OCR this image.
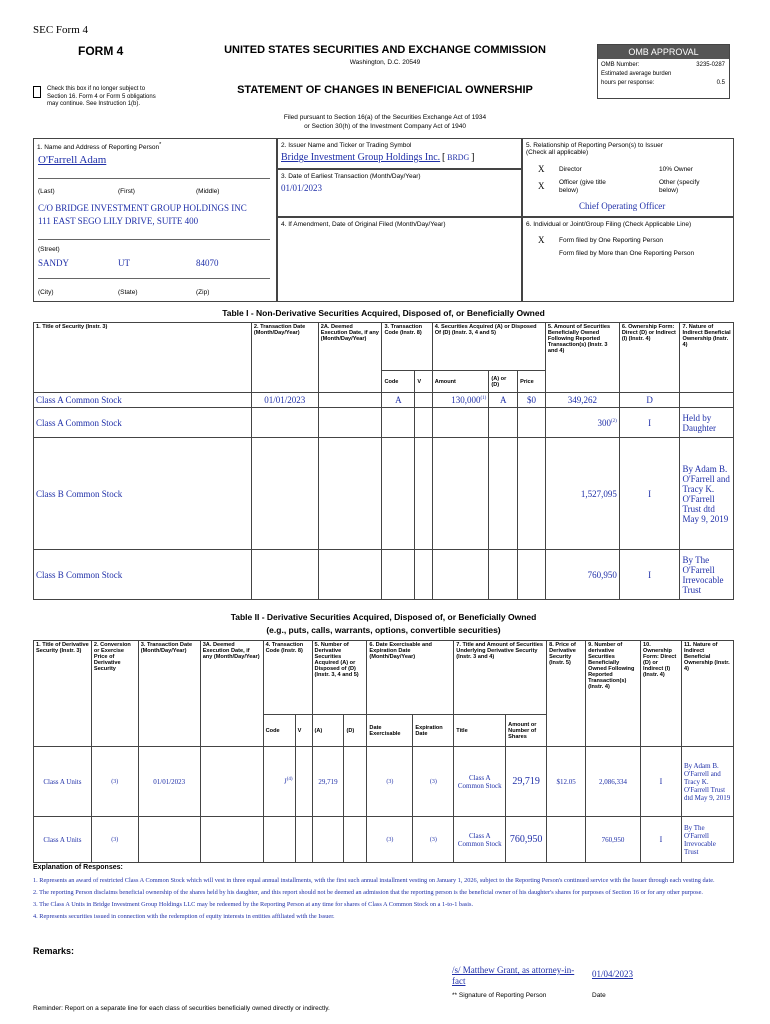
SEC Form 4
FORM 4
Check this box if no longer subject to
Section 16. Form 4 or Form 5 obligations
may continue. See Instruction 1(b).
UNITED STATES SECURITIES AND EXCHANGE COMMISSION
Washington, D.C. 20549
STATEMENT OF CHANGES IN BENEFICIAL OWNERSHIP
Filed pursuant to Section 16(a) of the Securities Exchange Act of 1934
or Section 30(h) of the Investment Company Act of 1940
OMB APPROVAL
OMB Number:	3235-0287
Estimated average burden
hours per response:	0.5
1. Name and Address of Reporting Person*
O'Farrell Adam
(Last)	(First)	(Middle)
C/O BRIDGE INVESTMENT GROUP HOLDINGS INC
111 EAST SEGO LILY DRIVE, SUITE 400
(Street)
SANDY	UT	84070
(City)	(State)	(Zip)
2. Issuer Name and Ticker or Trading Symbol
Bridge Investment Group Holdings Inc. [ BRDG ]
3. Date of Earliest Transaction (Month/Day/Year)
01/01/2023
4. If Amendment, Date of Original Filed (Month/Day/Year)
5. Relationship of Reporting Person(s) to Issuer
(Check all applicable)
X Director	10% Owner
X Officer (give title
below)
Other (specify
below)
Chief Operating Officer
6. Individual or Joint/Group Filing (Check Applicable Line)
X Form filed by One Reporting Person
Form filed by More than One Reporting Person
Table I - Non-Derivative Securities Acquired, Disposed of, or Beneficially Owned
1. Title of Security (Instr. 3)	2. Transaction Date (Month/Day/Year)	2A. Deemed Execution Date, if any (Month/Day/Year)	3. Transaction Code (Instr. 8)		4. Securities Acquired (A) or Disposed Of (D) (Instr. 3, 4 and 5)			5. Amount of Securities Beneficially Owned Following Reported Transaction(s) (Instr. 3 and 4)	6. Ownership Form: Direct (D) or Indirect (I) (Instr. 4)	7. Nature of Indirect Beneficial Ownership (Instr. 4)
			Code	V	Amount	(A) or (D)	Price			
Class A Common Stock	01/01/2023		A		130,000$^{(1)}$	A	$0	349,262	D	
Class A Common Stock								300$^{(2)}$	I	Held by Daughter
Class B Common Stock								1,527,095	I	By Adam B. O'Farrell and Tracy K. O'Farrell Trust dtd May 9, 2019
Class B Common Stock								760,950	I	By The O'Farrell Irrevocable Trust
Table II - Derivative Securities Acquired, Disposed of, or Beneficially Owned
(e.g., puts, calls, warrants, options, convertible securities)
1. Title of Derivative Security (Instr. 3)	2. Conversion or Exercise Price of Derivative Security	3. Transaction Date (Month/Day/Year)	3A. Deemed Execution Date, if any (Month/Day/Year)	4. Transaction Code (Instr. 8)		5. Number of Derivative Securities Acquired (A) or Disposed of (D) (Instr. 3, 4 and 5)		6. Date Exercisable and Expiration Date (Month/Day/Year)		7. Title and Amount of Securities Underlying Derivative Security (Instr. 3 and 4)		8. Price of Derivative Security (Instr. 5)	9. Number of derivative Securities Beneficially Owned Following Reported Transaction(s) (Instr. 4)	10. Ownership Form: Direct (D) or Indirect (I) (Instr. 4)	11. Nature of Indirect Beneficial Ownership (Instr. 4)
				Code	V	(A)	(D)	Date Exercisable	Expiration Date	Title	Amount or Number of Shares				
Class A Units	(3)	01/01/2023		$J^{(4)}$		29,719		(3)	(3)	Class A Common Stock	29,719	$12.05	2,086,334	I	By Adam B. O'Farrell and Tracy K. O'Farrell Trust dtd May 9, 2019
Class A Units	(3)							(3)	(3)	Class A Common Stock	760,950		760,950	I	By The O'Farrell Irrevocable Trust
Explanation of Responses:
1. Represents an award of restricted Class A Common Stock which will vest in three equal annual installments, with the first such annual installment vesting on January 1, 2026, subject to the Reporting Person's continued service with the Issuer through each vesting date.
2. The reporting Person disclaims beneficial ownership of the shares held by his daughter, and this report should not be deemed an admission that the reporting person is the beneficial owner of his daughter's shares for purposes of Section 16 or for any other purpose.
3. The Class A Units in Bridge Investment Group Holdings LLC may be redeemed by the Reporting Person at any time for shares of Class A Common Stock on a 1-to-1 basis.
4. Represents securities issued in connection with the redemption of equity interests in entities affiliated with the Issuer.
Remarks:
/s/ Matthew Grant, as attorney-in-
fact
01/04/2023
** Signature of Reporting Person	Date
Reminder: Report on a separate line for each class of securities beneficially owned directly or indirectly.
